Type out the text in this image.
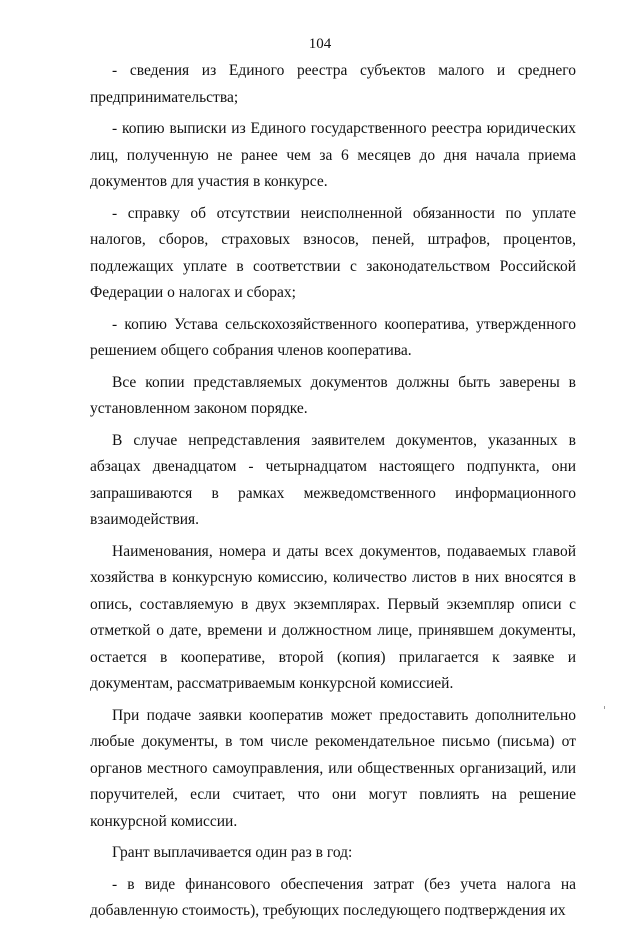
104

- сведения из Единого реестра субъектов малого и среднего предпринимательства;

- копию выписки из Единого государственного реестра юридических лиц, полученную не ранее чем за 6 месяцев до дня начала приема документов для участия в конкурсе.

- справку об отсутствии неисполненной обязанности по уплате налогов, сборов, страховых взносов, пеней, штрафов, процентов, подлежащих уплате в соответствии с законодательством Российской Федерации о налогах и сборах;

- копию Устава сельскохозяйственного кооператива, утвержденного решением общего собрания членов кооператива.

Все копии представляемых документов должны быть заверены в установленном законом порядке.

В случае непредставления заявителем документов, указанных в абзацах двенадцатом - четырнадцатом настоящего подпункта, они запрашиваются в рамках межведомственного информационного взаимодействия.

Наименования, номера и даты всех документов, подаваемых главой хозяйства в конкурсную комиссию, количество листов в них вносятся в опись, составляемую в двух экземплярах. Первый экземпляр описи с отметкой о дате, времени и должностном лице, принявшем документы, остается в кооперативе, второй (копия) прилагается к заявке и документам, рассматриваемым конкурсной комиссией.

При подаче заявки кооператив может предоставить дополнительно любые документы, в том числе рекомендательное письмо (письма) от органов местного самоуправления, или общественных организаций, или поручителей, если считает, что они могут повлиять на решение конкурсной комиссии.

Грант выплачивается один раз в год:

- в виде финансового обеспечения затрат (без учета налога на добавленную стоимость), требующих последующего подтверждения их
